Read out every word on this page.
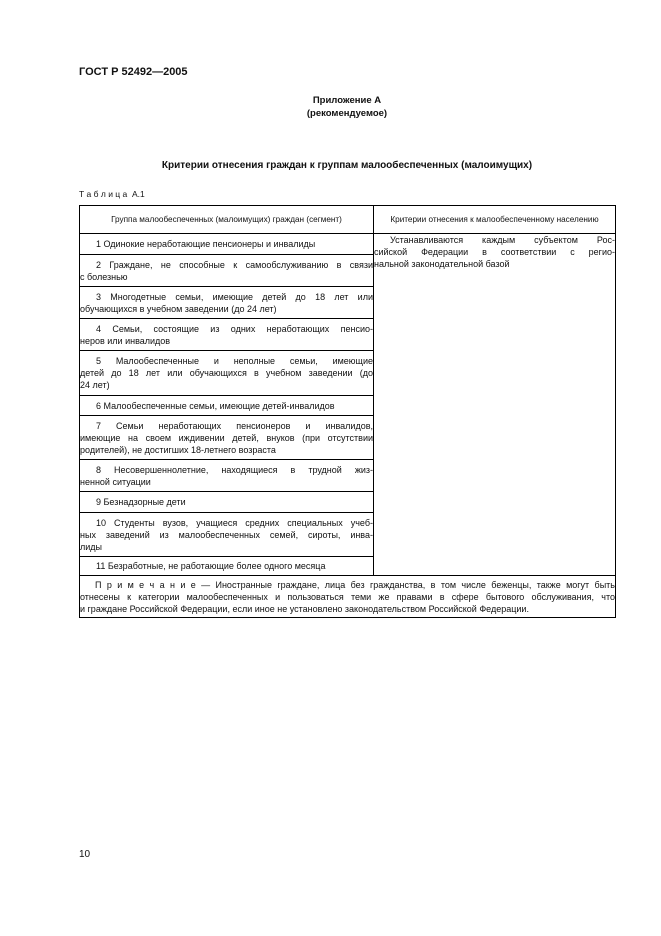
ГОСТ Р 52492—2005
Приложение А
(рекомендуемое)
Критерии отнесения граждан к группам малообеспеченных (малоимущих)
Т а б л и ц а  А.1
Группа малообеспеченных (малоимущих) граждан (сегмент)	Критерии отнесения к малообеспеченному населению

1 Одинокие неработающие пенсионеры и инвалиды	Устанавливаются каждым субъектом Рос-
сийской Федерации в соответствии с регио-
нальной законодательной базой

2 Граждане, не способные к самообслуживанию в связи
с болезнью	

3 Многодетные семьи, имеющие детей до 18 лет или
обучающихся в учебном заведении (до 24 лет)	

4 Семьи, состоящие из одних неработающих пенсио-
неров или инвалидов	

5 Малообеспеченные и неполные семьи, имеющие
детей до 18 лет или обучающихся в учебном заведении (до
24 лет)	

6 Малообеспеченные семьи, имеющие детей-инвалидов	

7 Семьи неработающих пенсионеров и инвалидов,
имеющие на своем иждивении детей, внуков (при отсутствии
родителей), не достигших 18-летнего возраста	

8 Несовершеннолетние, находящиеся в трудной жиз-
ненной ситуации	

9 Безнадзорные дети	

10 Студенты вузов, учащиеся средних специальных учеб-
ных заведений из малообеспеченных семей, сироты, инва-
лиды	

11 Безработные, не работающие более одного месяца	

П р и м е ч а н и е — Иностранные граждане, лица без гражданства, в том числе беженцы, также могут быть
отнесены к категории малообеспеченных и пользоваться теми же правами в сфере бытового обслуживания, что
и граждане Российской Федерации, если иное не установлено законодательством Российской Федерации.	
10
